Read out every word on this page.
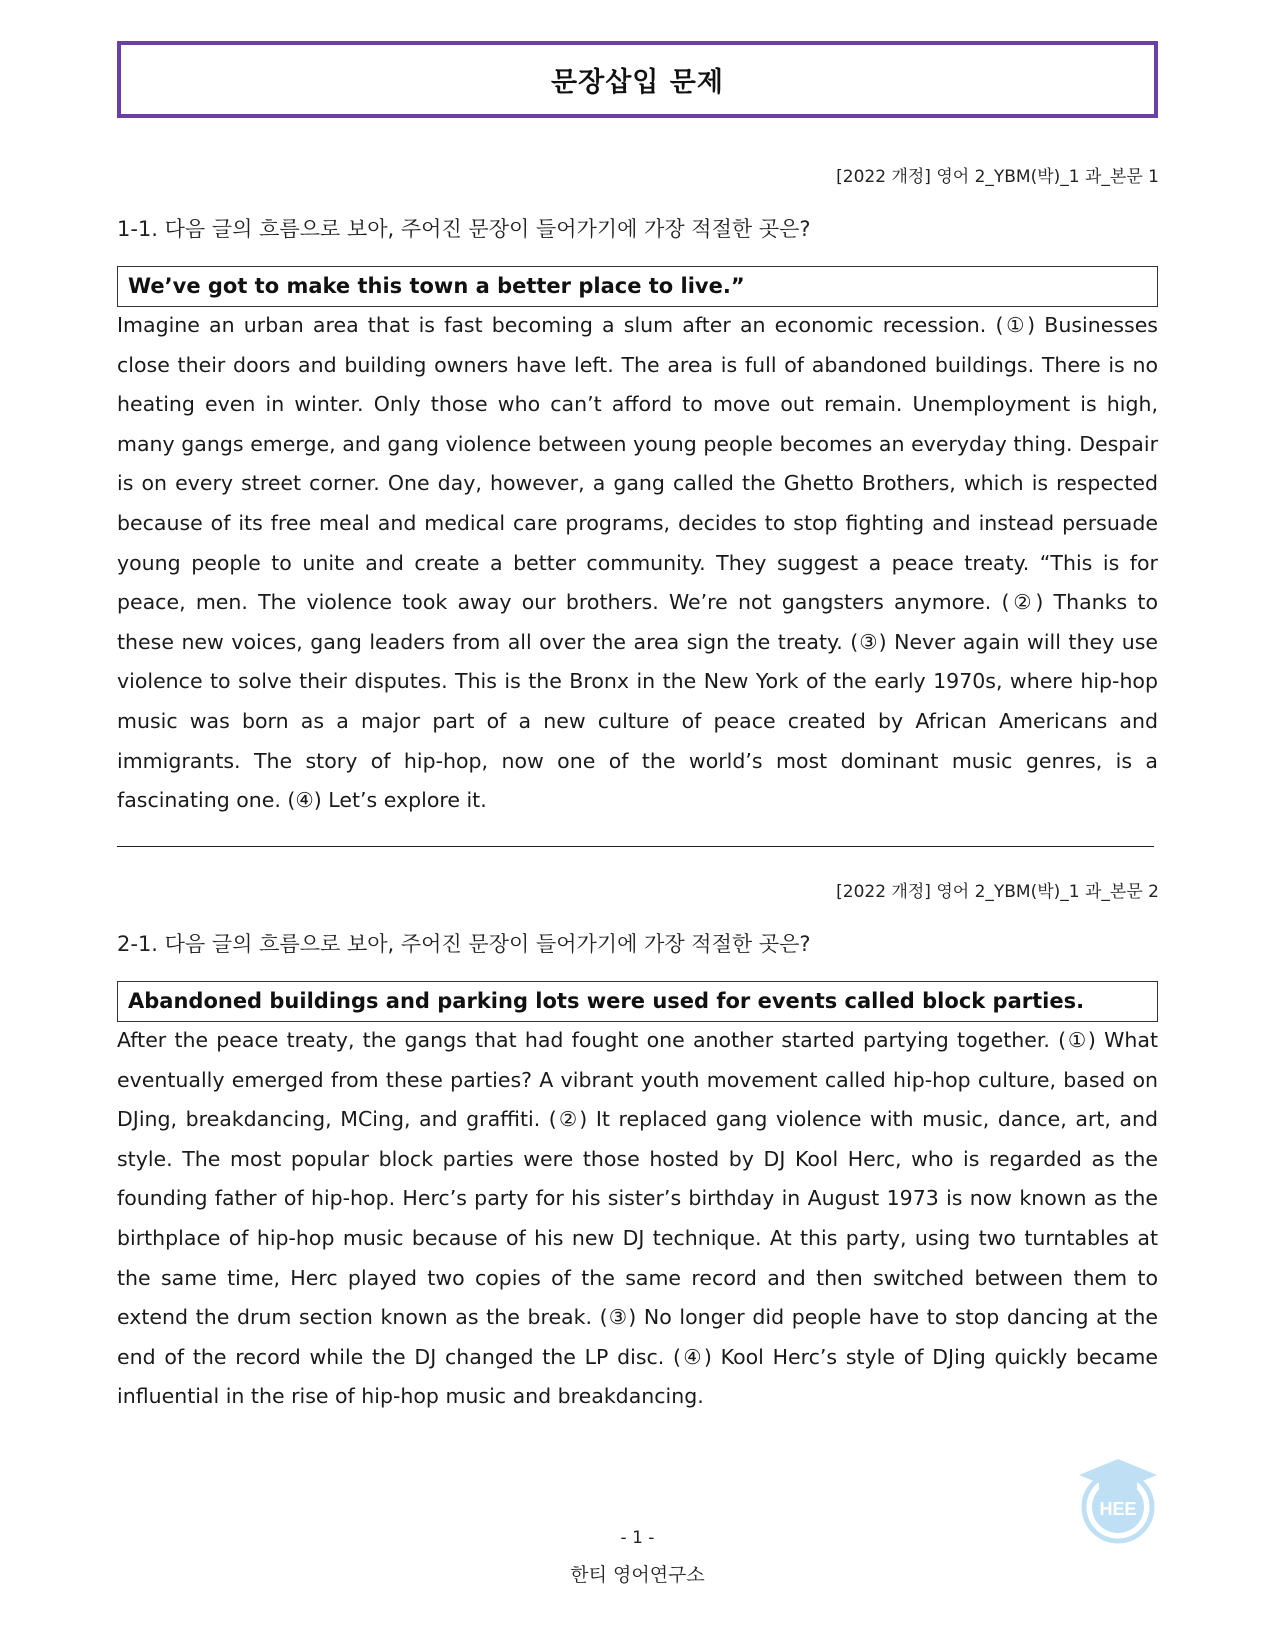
문장삽입 문제
[2022 개정] 영어 2_YBM(박)_1 과_본문 1
1-1. 다음 글의 흐름으로 보아, 주어진 문장이 들어가기에 가장 적절한 곳은?
We’ve got to make this town a better place to live.”
Imagine an urban area that is fast becoming a slum after an economic recession. (①) Businesses close their doors and building owners have left. The area is full of abandoned buildings. There is no heating even in winter. Only those who can’t afford to move out remain. Unemployment is high, many gangs emerge, and gang violence between young people becomes an everyday thing. Despair is on every street corner. One day, however, a gang called the Ghetto Brothers, which is respected because of its free meal and medical care programs, decides to stop fighting and instead persuade young people to unite and create a better community. They suggest a peace treaty. “This is for peace, men. The violence took away our brothers. We’re not gangsters anymore. (②) Thanks to these new voices, gang leaders from all over the area sign the treaty. (③) Never again will they use violence to solve their disputes. This is the Bronx in the New York of the early 1970s, where hip-hop music was born as a major part of a new culture of peace created by African Americans and immigrants. The story of hip-hop, now one of the world’s most dominant music genres, is a fascinating one. (④) Let’s explore it.
[2022 개정] 영어 2_YBM(박)_1 과_본문 2
2-1. 다음 글의 흐름으로 보아, 주어진 문장이 들어가기에 가장 적절한 곳은?
Abandoned buildings and parking lots were used for events called block parties.
After the peace treaty, the gangs that had fought one another started partying together. (①) What eventually emerged from these parties? A vibrant youth movement called hip-hop culture, based on DJing, breakdancing, MCing, and graffiti. (②) It replaced gang violence with music, dance, art, and style. The most popular block parties were those hosted by DJ Kool Herc, who is regarded as the founding father of hip-hop. Herc’s party for his sister’s birthday in August 1973 is now known as the birthplace of hip-hop music because of his new DJ technique. At this party, using two turntables at the same time, Herc played two copies of the same record and then switched between them to extend the drum section known as the break. (③) No longer did people have to stop dancing at the end of the record while the DJ changed the LP disc. (④) Kool Herc’s style of DJing quickly became influential in the rise of hip-hop music and breakdancing.
HEE
- 1 -
한티 영어연구소
